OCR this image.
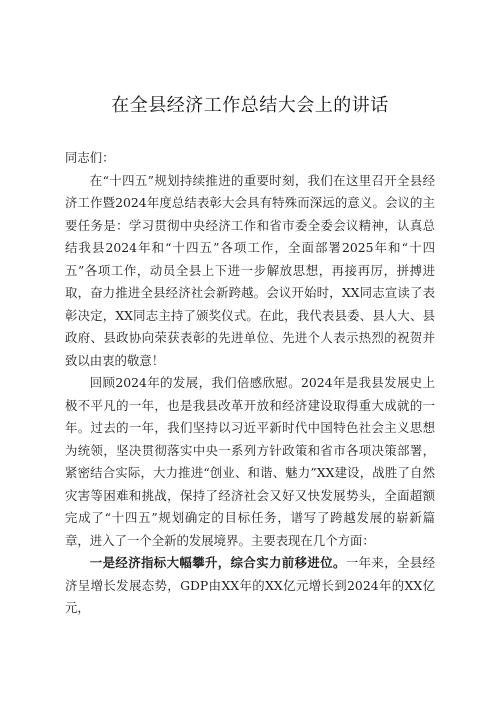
在全县经济工作总结大会上的讲话

同志们：

在“十四五”规划持续推进的重要时刻，我们在这里召开全县经济工作暨2024年度总结表彰大会具有特殊而深远的意义。会议的主要任务是：学习贯彻中央经济工作和省市委全委会议精神，认真总结我县2024年和“十四五”各项工作，全面部署2025年和“十四五”各项工作，动员全县上下进一步解放思想，再接再厉，拼搏进取，奋力推进全县经济社会新跨越。会议开始时，XX同志宣读了表彰决定，XX同志主持了颁奖仪式。在此，我代表县委、县人大、县政府、县政协向荣获表彰的先进单位、先进个人表示热烈的祝贺并致以由衷的敬意！

回顾2024年的发展，我们倍感欣慰。2024年是我县发展史上极不平凡的一年，也是我县改革开放和经济建设取得重大成就的一年。过去的一年，我们坚持以习近平新时代中国特色社会主义思想为统领，坚决贯彻落实中央一系列方针政策和省市各项决策部署，紧密结合实际，大力推进“创业、和谐、魅力”XX建设，战胜了自然灾害等困难和挑战，保持了经济社会又好又快发展势头，全面超额完成了“十四五”规划确定的目标任务，谱写了跨越发展的崭新篇章，进入了一个全新的发展境界。主要表现在几个方面：

一是经济指标大幅攀升，综合实力前移进位。一年来，全县经济呈增长发展态势，GDP由XX年的XX亿元增长到2024年的XX亿元，
